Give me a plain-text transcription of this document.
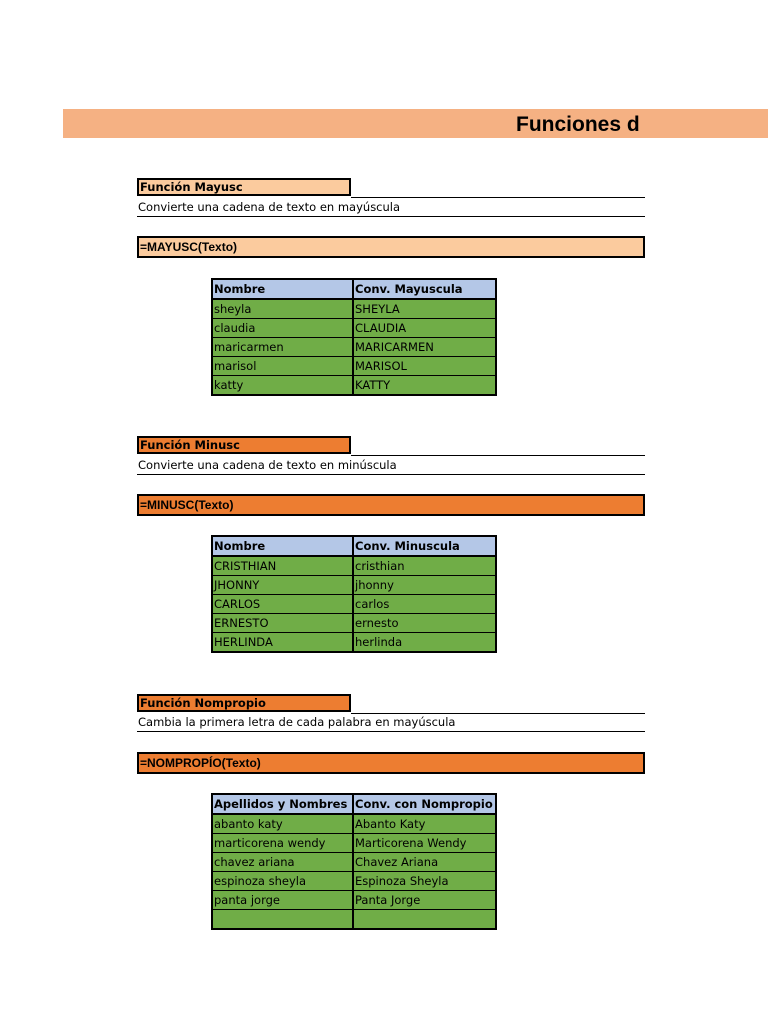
Funciones d
Función Mayusc
Convierte una cadena de texto en mayúscula
=MAYUSC(Texto)
Nombre	Conv. Mayuscula
sheyla	SHEYLA
claudia	CLAUDIA
maricarmen	MARICARMEN
marisol	MARISOL
katty	KATTY
Función Minusc
Convierte una cadena de texto en minúscula
=MINUSC(Texto)
Nombre	Conv. Minuscula
CRISTHIAN	cristhian
JHONNY	jhonny
CARLOS	carlos
ERNESTO	ernesto
HERLINDA	herlinda
Función Nompropio
Cambia la primera letra de cada palabra en mayúscula
=NOMPROPÍO(Texto)
Apellidos y Nombres	Conv. con Nompropio
abanto katy	Abanto Katy
marticorena wendy	Marticorena Wendy
chavez ariana	Chavez Ariana
espinoza sheyla	Espinoza Sheyla
panta jorge	Panta Jorge
